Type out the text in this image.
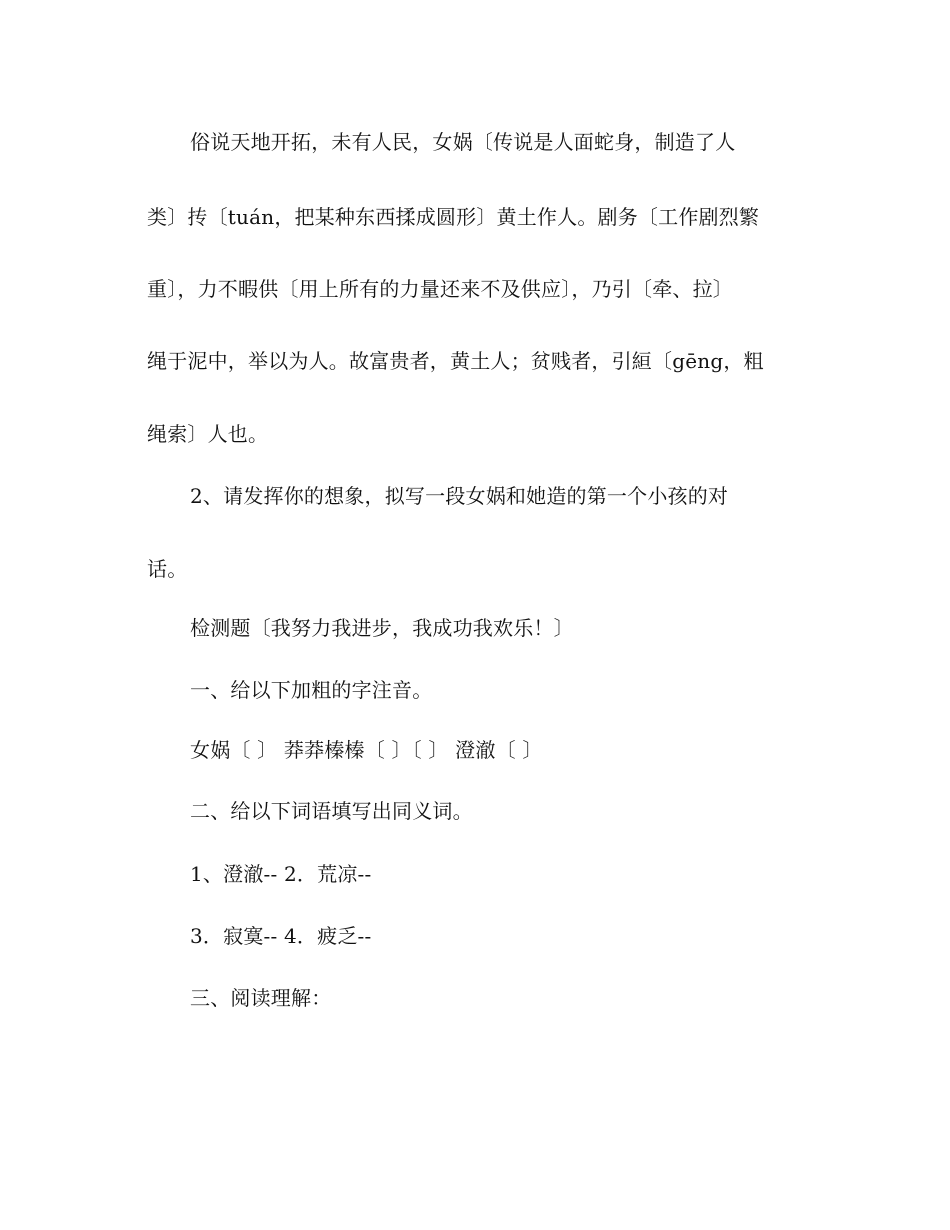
俗说天地开拓，未有人民，女娲〔传说是人面蛇身，制造了人
类〕抟〔tuán，把某种东西揉成圆形〕黄土作人。剧务〔工作剧烈繁
重〕，力不暇供〔用上所有的力量还来不及供应〕，乃引〔牵、拉〕
绳于泥中，举以为人。故富贵者，黄土人；贫贱者，引絙〔gēng，粗
绳索〕人也。
2、请发挥你的想象，拟写一段女娲和她造的第一个小孩的对
话。
检测题〔我努力我进步，我成功我欢乐！〕
一、给以下加粗的字注音。
女娲〔 〕 莽莽榛榛〔 〕〔 〕 澄澈〔 〕
二、给以下词语填写出同义词。
1、澄澈-- 2．荒凉--
3．寂寞-- 4．疲乏--
三、阅读理解：
